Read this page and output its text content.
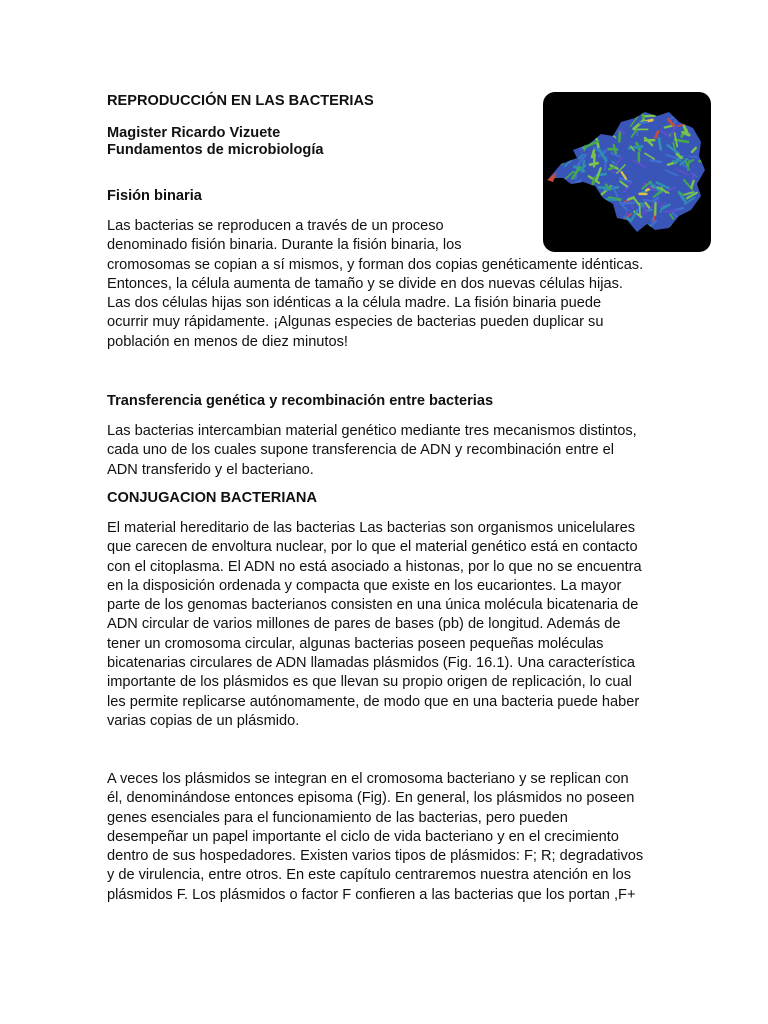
REPRODUCCIÓN EN LAS BACTERIAS

Magister Ricardo Vizuete

Fundamentos de microbiología

Fisión binaria

Las bacterias se reproducen a través de un proceso
denominado fisión binaria. Durante la fisión binaria, los
cromosomas se copian a sí mismos, y forman dos copias genéticamente idénticas.
Entonces, la célula aumenta de tamaño y se divide en dos nuevas células hijas.
Las dos células hijas son idénticas a la célula madre. La fisión binaria puede
ocurrir muy rápidamente. ¡Algunas especies de bacterias pueden duplicar su
población en menos de diez minutos!

Transferencia genética y recombinación entre bacterias

Las bacterias intercambian material genético mediante tres mecanismos distintos,
cada uno de los cuales supone transferencia de ADN y recombinación entre el
ADN transferido y el bacteriano.

CONJUGACION BACTERIANA

El material hereditario de las bacterias Las bacterias son organismos unicelulares
que carecen de envoltura nuclear, por lo que el material genético está en contacto
con el citoplasma. El ADN no está asociado a histonas, por lo que no se encuentra
en la disposición ordenada y compacta que existe en los eucariontes. La mayor
parte de los genomas bacterianos consisten en una única molécula bicatenaria de
ADN circular de varios millones de pares de bases (pb) de longitud. Además de
tener un cromosoma circular, algunas bacterias poseen pequeñas moléculas
bicatenarias circulares de ADN llamadas plásmidos (Fig. 16.1). Una característica
importante de los plásmidos es que llevan su propio origen de replicación, lo cual
les permite replicarse autónomamente, de modo que en una bacteria puede haber
varias copias de un plásmido.
A veces los plásmidos se integran en el cromosoma bacteriano y se replican con
él, denominándose entonces episoma (Fig). En general, los plásmidos no poseen
genes esenciales para el funcionamiento de las bacterias, pero pueden
desempeñar un papel importante el ciclo de vida bacteriano y en el crecimiento
dentro de sus hospedadores. Existen varios tipos de plásmidos: F; R; degradativos
y de virulencia, entre otros. En este capítulo centraremos nuestra atención en los
plásmidos F. Los plásmidos o factor F confieren a las bacterias que los portan ,F+
